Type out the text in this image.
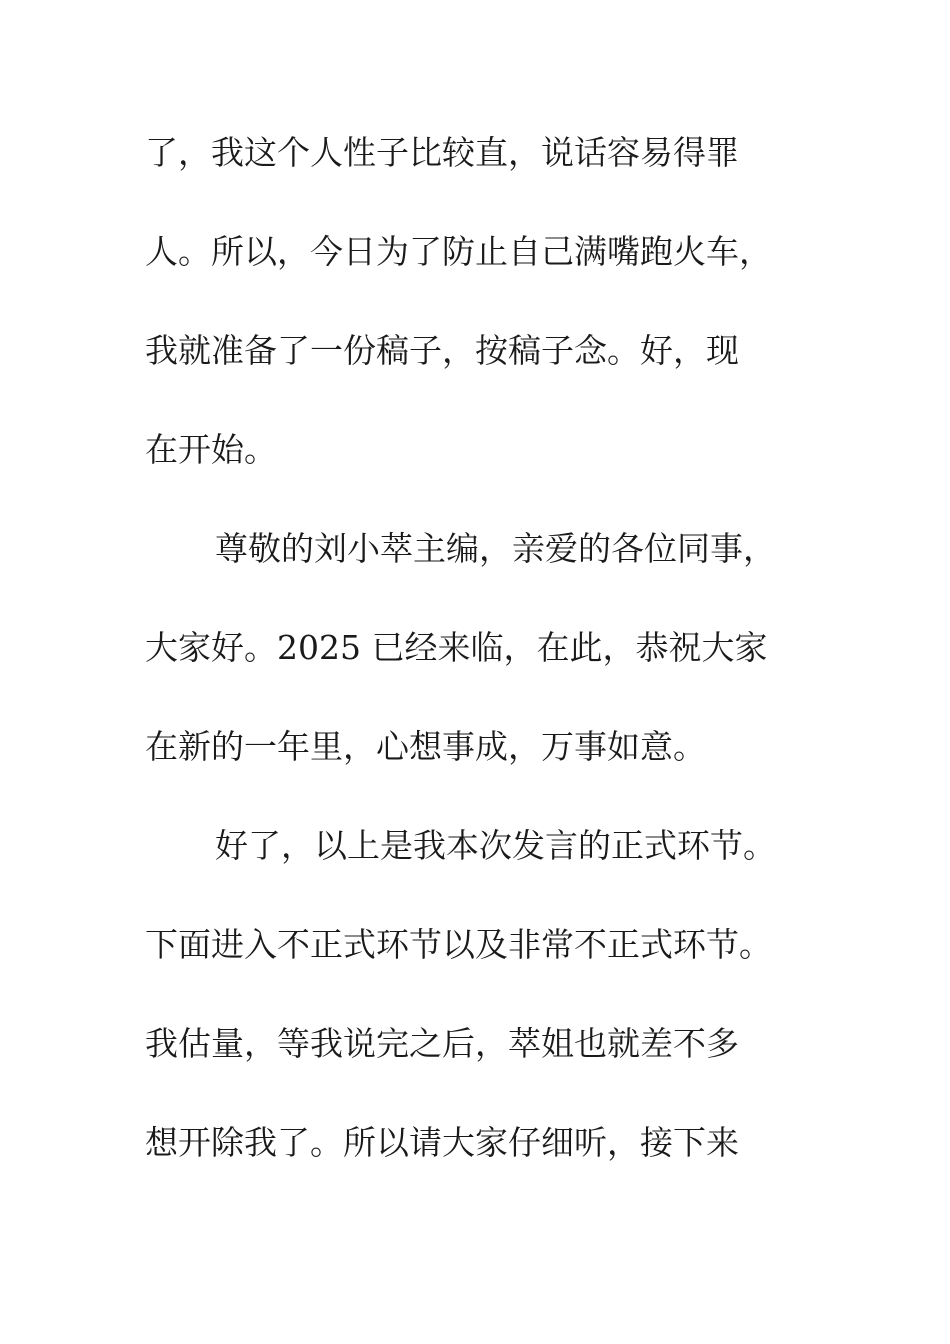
了，我这个人性子比较直，说话容易得罪
人。所以，今日为了防止自己满嘴跑火车，
我就准备了一份稿子，按稿子念。好，现
在开始。
尊敬的刘小萃主编，亲爱的各位同事，
大家好。2025 已经来临，在此，恭祝大家
在新的一年里，心想事成，万事如意。
好了，以上是我本次发言的正式环节。
下面进入不正式环节以及非常不正式环节。
我估量，等我说完之后，萃姐也就差不多
想开除我了。所以请大家仔细听，接下来
